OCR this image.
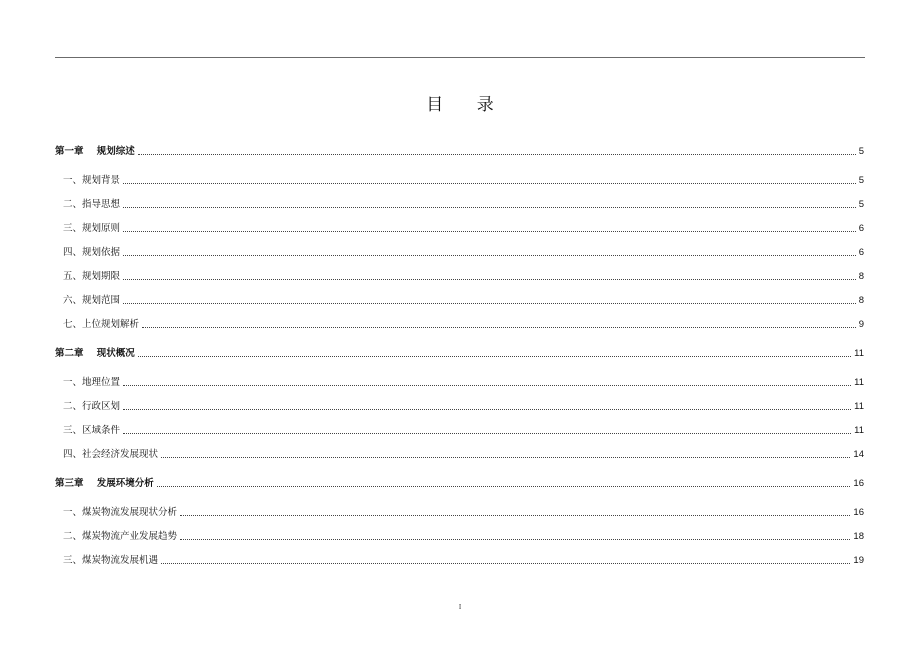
目 录
第一章    规划综述	5
一、规划背景	5
二、指导思想	5
三、规划原则	6
四、规划依据	6
五、规划期限	8
六、规划范围	8
七、上位规划解析	9
第二章    现状概况	11
一、地理位置	11
二、行政区划	11
三、区域条件	11
四、社会经济发展现状	14
第三章    发展环境分析	16
一、煤炭物流发展现状分析	16
二、煤炭物流产业发展趋势	18
三、煤炭物流发展机遇	19
I
